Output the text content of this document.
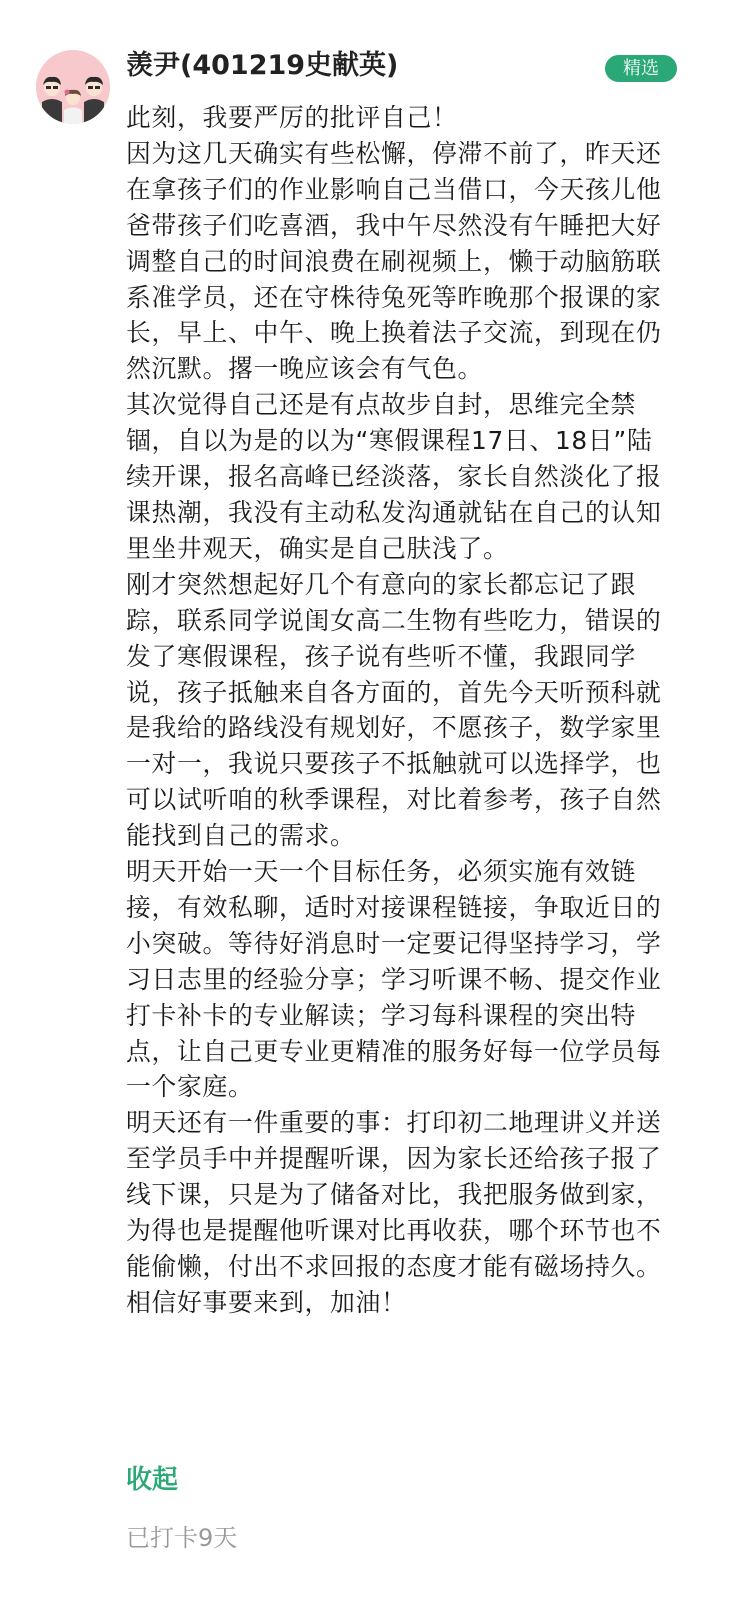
羡尹(401219史献英)	精选

此刻，我要严厉的批评自己！

因为这几天确实有些松懈，停滞不前了，昨天还在拿孩子们的作业影响自己当借口，今天孩儿他爸带孩子们吃喜酒，我中午尽然没有午睡把大好调整自己的时间浪费在刷视频上，懒于动脑筋联系准学员，还在守株待兔死等昨晚那个报课的家长，早上、中午、晚上换着法子交流，到现在仍然沉默。撂一晚应该会有气色。

其次觉得自己还是有点故步自封，思维完全禁锢，自以为是的以为“寒假课程17日、18日”陆续开课，报名高峰已经淡落，家长自然淡化了报课热潮，我没有主动私发沟通就钻在自己的认知里坐井观天，确实是自己肤浅了。

刚才突然想起好几个有意向的家长都忘记了跟踪，联系同学说闺女高二生物有些吃力，错误的发了寒假课程，孩子说有些听不懂，我跟同学说，孩子抵触来自各方面的，首先今天听预科就是我给的路线没有规划好，不愿孩子，数学家里一对一，我说只要孩子不抵触就可以选择学，也可以试听咱的秋季课程，对比着参考，孩子自然能找到自己的需求。

明天开始一天一个目标任务，必须实施有效链接，有效私聊，适时对接课程链接，争取近日的小突破。等待好消息时一定要记得坚持学习，学习日志里的经验分享；学习听课不畅、提交作业打卡补卡的专业解读；学习每科课程的突出特点，让自己更专业更精准的服务好每一位学员每一个家庭。

明天还有一件重要的事：打印初二地理讲义并送至学员手中并提醒听课，因为家长还给孩子报了线下课，只是为了储备对比，我把服务做到家，为得也是提醒他听课对比再收获，哪个环节也不能偷懒，付出不求回报的态度才能有磁场持久。相信好事要来到，加油！

收起
已打卡9天
